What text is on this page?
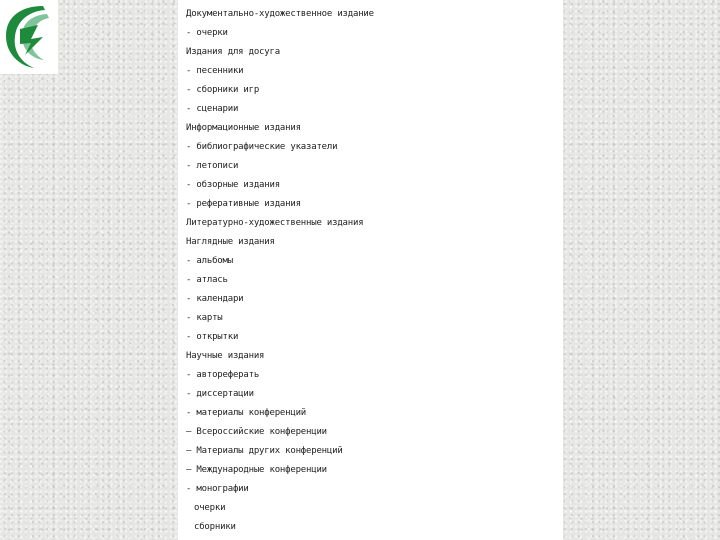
Документально-художественное издание
- очерки
Издания для досуга
- песенники
- сборники игр
- сценарии
Информационные издания
- библиографические указатели
- летописи
- обзорные издания
- реферативные издания
Литературно-художественные издания
Наглядные издания
- альбомы
- атлась
- календари
- карты
- открытки
Научные издания
- автореферать
- диссертации
- материалы конференций
– Всероссийские конференции
– Материалы других конференций
– Международные конференции
- монографии
очерки
сборники
